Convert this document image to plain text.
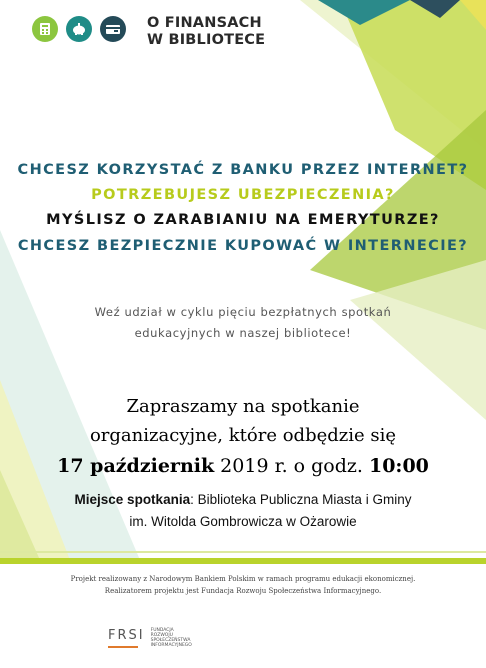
O FINANSACH
W BIBLIOTECE
CHCESZ KORZYSTAĆ Z BANKU PRZEZ INTERNET?
POTRZEBUJESZ UBEZPIECZENIA?
MYŚLISZ O ZARABIANIU NA EMERYTURZE?
CHCESZ BEZPIECZNIE KUPOWAĆ W INTERNECIE?
Weź udział w cyklu pięciu bezpłatnych spotkań
edukacyjnych w naszej bibliotece!
Zapraszamy na spotkanie
organizacyjne, które odbędzie się
17 październik 2019 r. o godz. 10:00
Miejsce spotkania: Biblioteka Publiczna Miasta i Gminy
im. Witolda Gombrowicza w Ożarowie
Projekt realizowany z Narodowym Bankiem Polskim w ramach programu edukacji ekonomicznej.
Realizatorem projektu jest Fundacja Rozwoju Społeczeństwa Informacyjnego.
FRSI FUNDACJA
ROZWOJU
SPOŁECZEŃSTWA
INFORMACYJNEGO
